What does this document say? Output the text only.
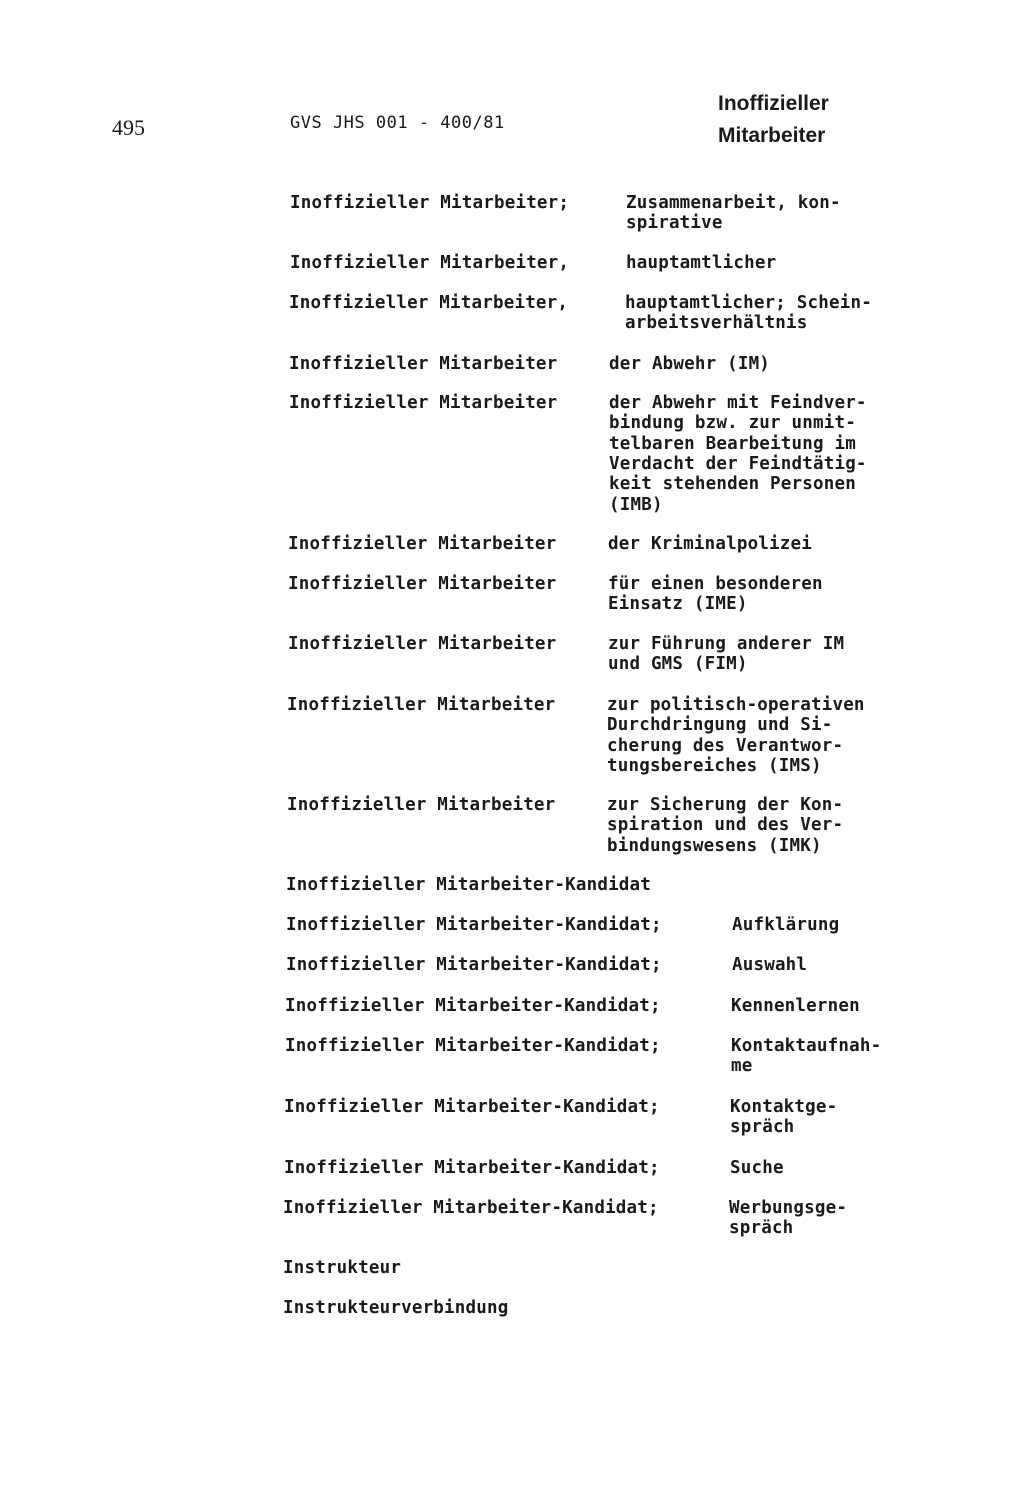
495	GVS JHS 001 - 400/81
Inoffizieller
Mitarbeiter
Inoffizieller Mitarbeiter;	Zusammenarbeit, kon-
spirative
Inoffizieller Mitarbeiter,	hauptamtlicher
Inoffizieller Mitarbeiter,	hauptamtlicher; Schein-
arbeitsverhältnis
Inoffizieller Mitarbeiter	der Abwehr (IM)
Inoffizieller Mitarbeiter	der Abwehr mit Feindver-
bindung bzw. zur unmit-
telbaren Bearbeitung im
Verdacht der Feindtätig-
keit stehenden Personen
(IMB)
Inoffizieller Mitarbeiter	der Kriminalpolizei
Inoffizieller Mitarbeiter	für einen besonderen
Einsatz (IME)
Inoffizieller Mitarbeiter	zur Führung anderer IM
und GMS (FIM)
Inoffizieller Mitarbeiter	zur politisch-operativen
Durchdringung und Si-
cherung des Verantwor-
tungsbereiches (IMS)
Inoffizieller Mitarbeiter	zur Sicherung der Kon-
spiration und des Ver-
bindungswesens (IMK)
Inoffizieller Mitarbeiter-Kandidat
Inoffizieller Mitarbeiter-Kandidat;	Aufklärung
Inoffizieller Mitarbeiter-Kandidat;	Auswahl
Inoffizieller Mitarbeiter-Kandidat;	Kennenlernen
Inoffizieller Mitarbeiter-Kandidat;	Kontaktaufnah-
me
Inoffizieller Mitarbeiter-Kandidat;	Kontaktge-
spräch
Inoffizieller Mitarbeiter-Kandidat;	Suche
Inoffizieller Mitarbeiter-Kandidat;	Werbungsge-
spräch
Instrukteur
Instrukteurverbindung
